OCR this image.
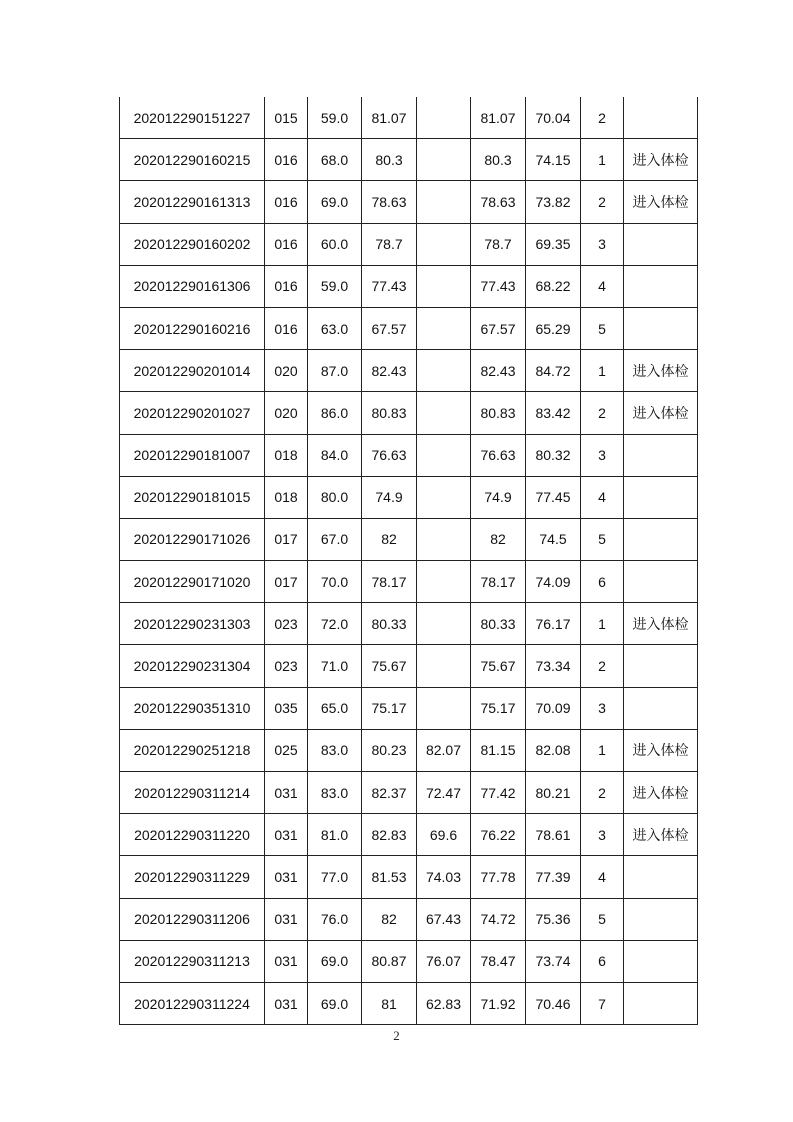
202012290151227	015	59.0	81.07		81.07	70.04	2	
202012290160215	016	68.0	80.3		80.3	74.15	1	进入体检
202012290161313	016	69.0	78.63		78.63	73.82	2	进入体检
202012290160202	016	60.0	78.7		78.7	69.35	3	
202012290161306	016	59.0	77.43		77.43	68.22	4	
202012290160216	016	63.0	67.57		67.57	65.29	5	
202012290201014	020	87.0	82.43		82.43	84.72	1	进入体检
202012290201027	020	86.0	80.83		80.83	83.42	2	进入体检
202012290181007	018	84.0	76.63		76.63	80.32	3	
202012290181015	018	80.0	74.9		74.9	77.45	4	
202012290171026	017	67.0	82		82	74.5	5	
202012290171020	017	70.0	78.17		78.17	74.09	6	
202012290231303	023	72.0	80.33		80.33	76.17	1	进入体检
202012290231304	023	71.0	75.67		75.67	73.34	2	
202012290351310	035	65.0	75.17		75.17	70.09	3	
202012290251218	025	83.0	80.23	82.07	81.15	82.08	1	进入体检
202012290311214	031	83.0	82.37	72.47	77.42	80.21	2	进入体检
202012290311220	031	81.0	82.83	69.6	76.22	78.61	3	进入体检
202012290311229	031	77.0	81.53	74.03	77.78	77.39	4	
202012290311206	031	76.0	82	67.43	74.72	75.36	5	
202012290311213	031	69.0	80.87	76.07	78.47	73.74	6	
202012290311224	031	69.0	81	62.83	71.92	70.46	7	
2
